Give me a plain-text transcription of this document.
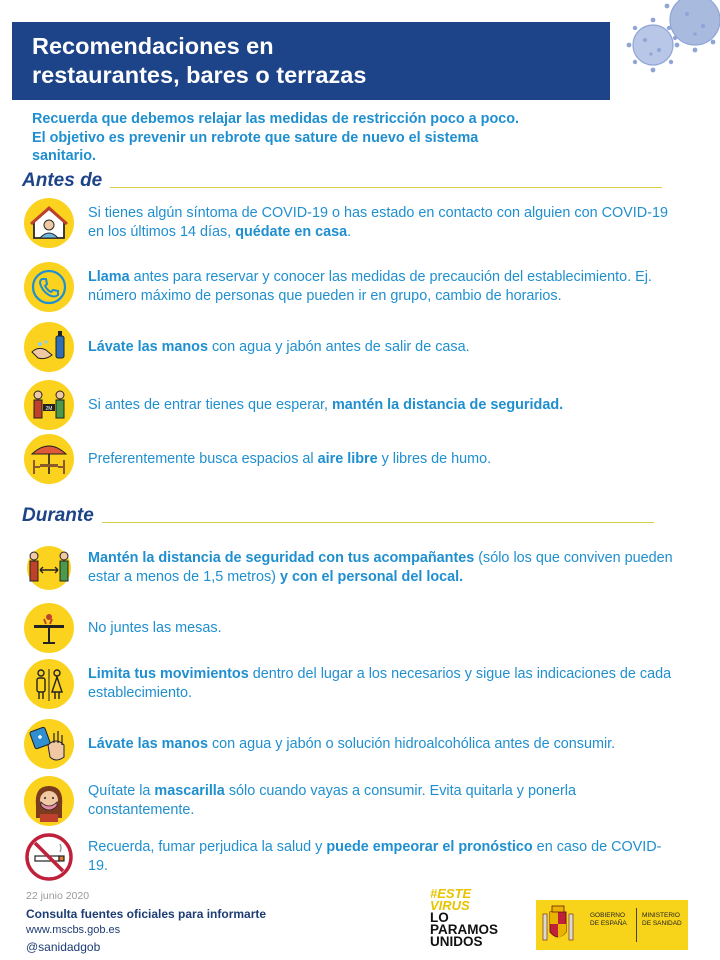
Recomendaciones en
restaurantes, bares o terrazas
Recuerda que debemos relajar las medidas de restricción poco a poco.
El objetivo es prevenir un rebrote que sature de nuevo el sistema
sanitario.
Antes de
Si tienes algún síntoma de COVID-19 o has estado en contacto con alguien con COVID-19 en los últimos 14 días, quédate en casa.
Llama antes para reservar y conocer las medidas de precaución del establecimiento. Ej. número máximo de personas que pueden ir en grupo, cambio de horarios.
Lávate las manos con agua y jabón antes de salir de casa.
2M Si antes de entrar tienes que esperar, mantén la distancia de seguridad.
Preferentemente busca espacios al aire libre y libres de humo.
Durante
Mantén la distancia de seguridad con tus acompañantes (sólo los que conviven pueden estar a menos de 1,5 metros) y con el personal del local.
No juntes las mesas.
Limita tus movimientos dentro del lugar a los necesarios y sigue las indicaciones de cada establecimiento.
Lávate las manos con agua y jabón o solución hidroalcohólica antes de consumir.
Quítate la mascarilla sólo cuando vayas a consumir. Evita quitarla y ponerla constantemente.
Recuerda, fumar perjudica la salud y puede empeorar el pronóstico en caso de COVID-19.
22 junio 2020
Consulta fuentes oficiales para informarte
www.mscbs.gob.es
@sanidadgob
#ESTE
VIRUS
LO
PARAMOS
UNIDOS
GOBIERNO
DE ESPAÑA
MINISTERIO
DE SANIDAD
